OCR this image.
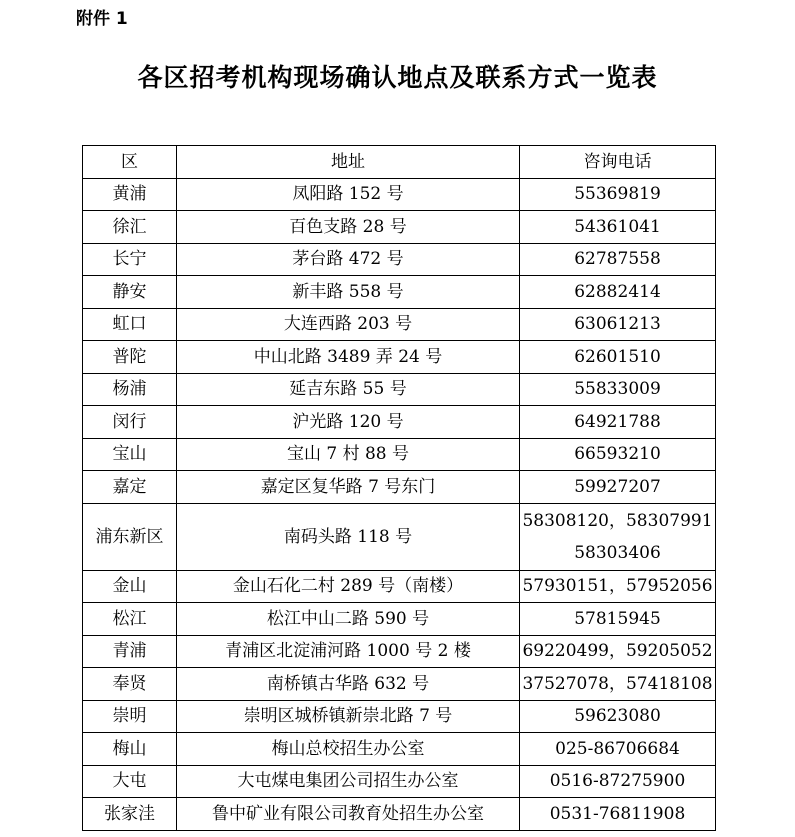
附件 1
各区招考机构现场确认地点及联系方式一览表
区	地址	咨询电话
黄浦	凤阳路 152 号	55369819

徐汇	百色支路 28 号	54361041

长宁	茅台路 472 号	62787558

静安	新丰路 558 号	62882414

虹口	大连西路 203 号	63061213

普陀	中山北路 3489 弄 24 号	62601510

杨浦	延吉东路 55 号	55833009

闵行	沪光路 120 号	64921788

宝山	宝山 7 村 88 号	66593210

嘉定	嘉定区复华路 7 号东门	59927207

浦东新区	南码头路 118 号	58308120，58307991
58303406

金山	金山石化二村 289 号（南楼）	57930151，57952056

松江	松江中山二路 590 号	57815945

青浦	青浦区北淀浦河路 1000 号 2 楼	69220499，59205052

奉贤	南桥镇古华路 632 号	37527078，57418108

崇明	崇明区城桥镇新崇北路 7 号	59623080

梅山	梅山总校招生办公室	025-86706684

大屯	大屯煤电集团公司招生办公室	0516-87275900

张家洼	鲁中矿业有限公司教育处招生办公室	0531-76811908
